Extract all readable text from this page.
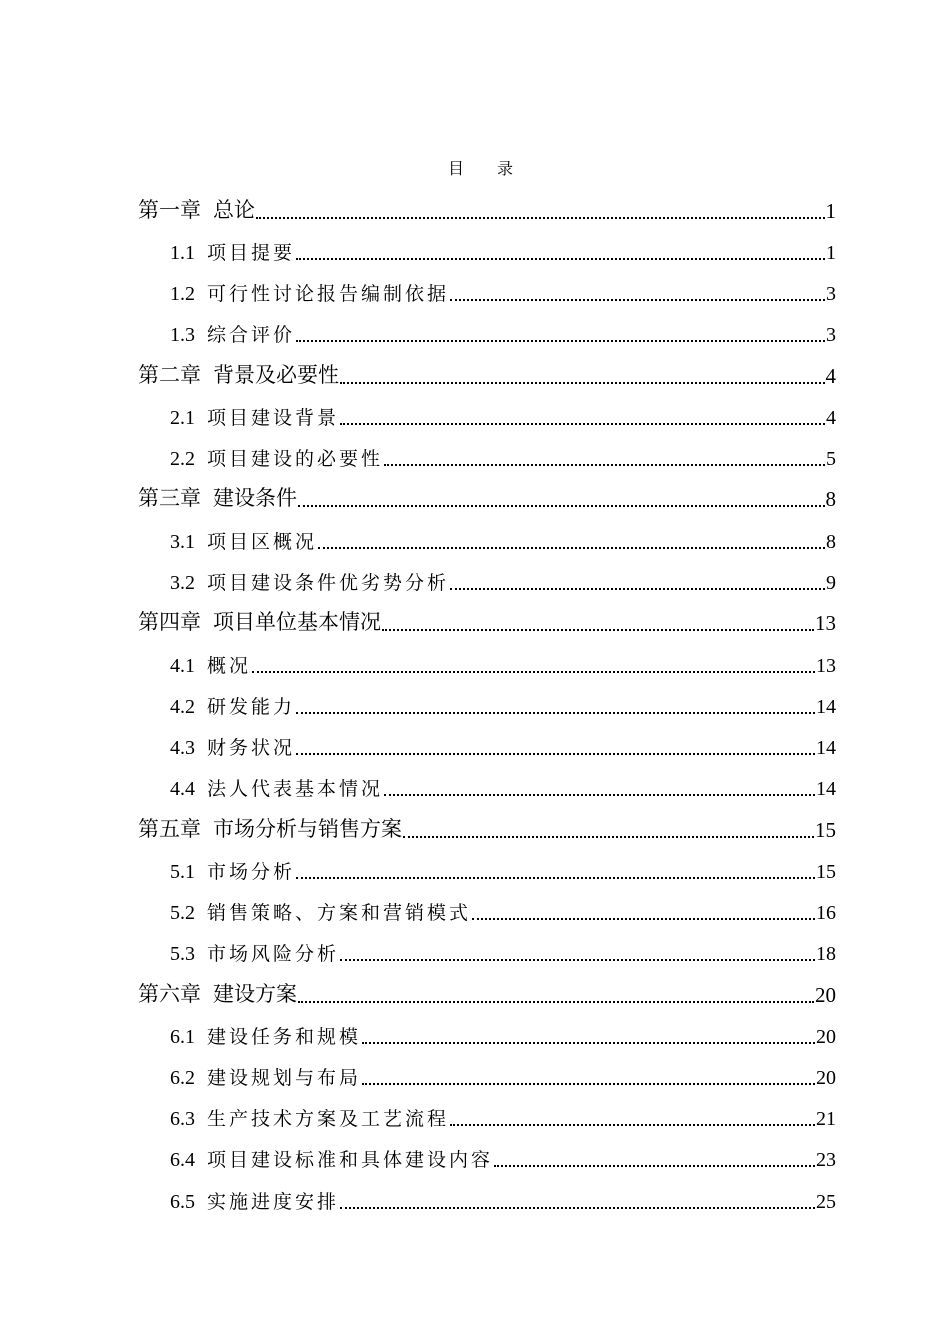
目 录
第一章 总论	1
1.1 项目提要	1
1.2 可行性讨论报告编制依据	3
1.3 综合评价	3
第二章 背景及必要性	4
2.1 项目建设背景	4
2.2 项目建设的必要性	5
第三章 建设条件	8
3.1 项目区概况	8
3.2 项目建设条件优劣势分析	9
第四章 项目单位基本情况	13
4.1 概况	13
4.2 研发能力	14
4.3 财务状况	14
4.4 法人代表基本情况	14
第五章 市场分析与销售方案	15
5.1 市场分析	15
5.2 销售策略、方案和营销模式	16
5.3 市场风险分析	18
第六章 建设方案	20
6.1 建设任务和规模	20
6.2 建设规划与布局	20
6.3 生产技术方案及工艺流程	21
6.4 项目建设标准和具体建设内容	23
6.5 实施进度安排	25
